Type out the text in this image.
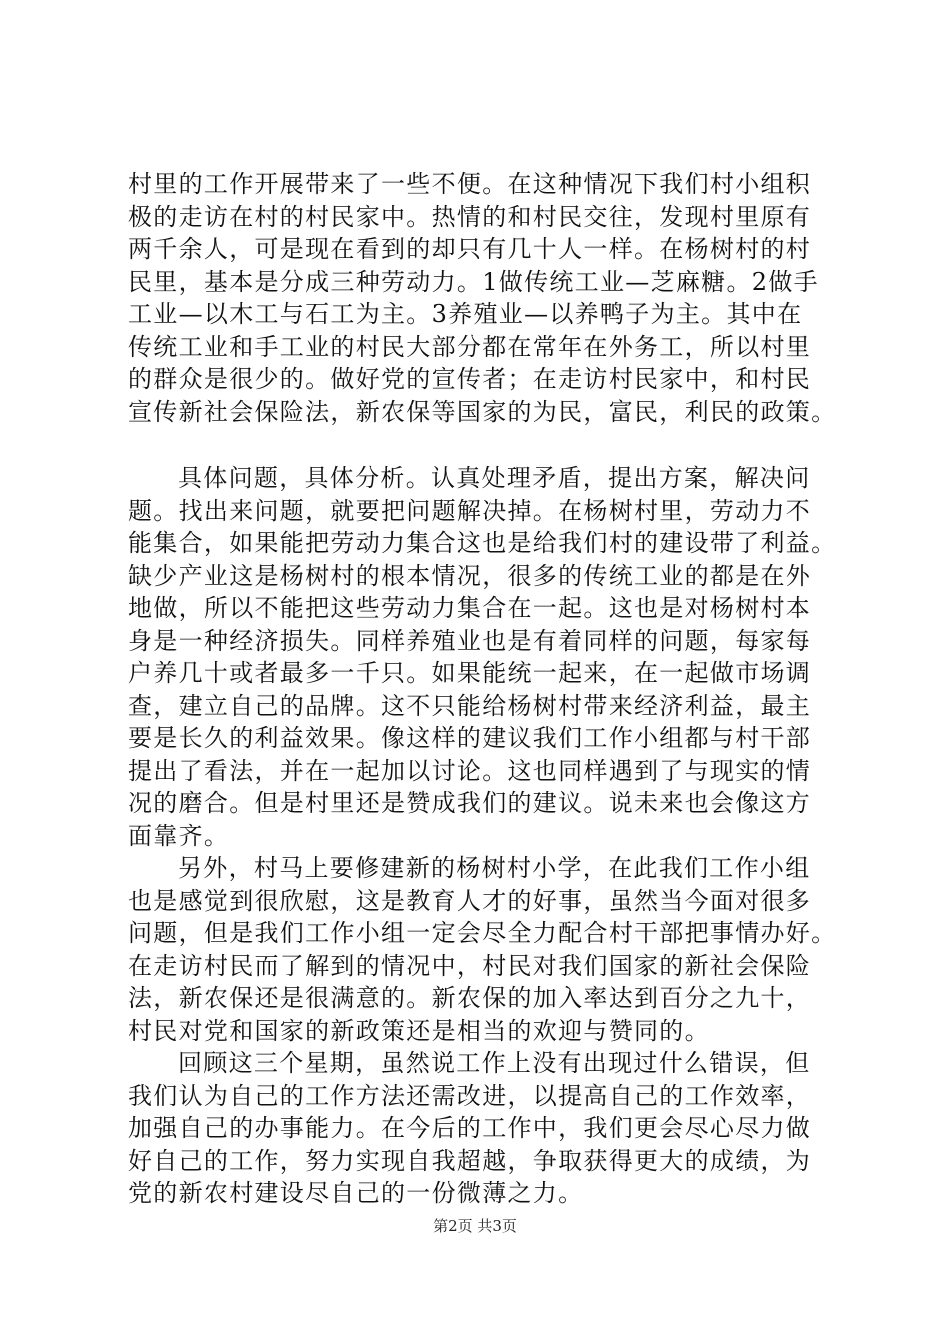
村里的工作开展带来了一些不便。在这种情况下我们村小组积
极的走访在村的村民家中。热情的和村民交往，发现村里原有
两千余人，可是现在看到的却只有几十人一样。在杨树村的村
民里，基本是分成三种劳动力。1做传统工业—芝麻糖。2做手
工业—以木工与石工为主。3养殖业—以养鸭子为主。其中在
传统工业和手工业的村民大部分都在常年在外务工，所以村里
的群众是很少的。做好党的宣传者；在走访村民家中，和村民
宣传新社会保险法，新农保等国家的为民，富民，利民的政策。
具体问题，具体分析。认真处理矛盾，提出方案，解决问
题。找出来问题，就要把问题解决掉。在杨树村里，劳动力不
能集合，如果能把劳动力集合这也是给我们村的建设带了利益。
缺少产业这是杨树村的根本情况，很多的传统工业的都是在外
地做，所以不能把这些劳动力集合在一起。这也是对杨树村本
身是一种经济损失。同样养殖业也是有着同样的问题，每家每
户养几十或者最多一千只。如果能统一起来，在一起做市场调
查，建立自己的品牌。这不只能给杨树村带来经济利益，最主
要是长久的利益效果。像这样的建议我们工作小组都与村干部
提出了看法，并在一起加以讨论。这也同样遇到了与现实的情
况的磨合。但是村里还是赞成我们的建议。说未来也会像这方
面靠齐。
另外，村马上要修建新的杨树村小学，在此我们工作小组
也是感觉到很欣慰，这是教育人才的好事，虽然当今面对很多
问题，但是我们工作小组一定会尽全力配合村干部把事情办好。
在走访村民而了解到的情况中，村民对我们国家的新社会保险
法，新农保还是很满意的。新农保的加入率达到百分之九十，
村民对党和国家的新政策还是相当的欢迎与赞同的。
回顾这三个星期，虽然说工作上没有出现过什么错误，但
我们认为自己的工作方法还需改进，以提高自己的工作效率，
加强自己的办事能力。在今后的工作中，我们更会尽心尽力做
好自己的工作，努力实现自我超越，争取获得更大的成绩，为
党的新农村建设尽自己的一份微薄之力。
第2页 共3页
